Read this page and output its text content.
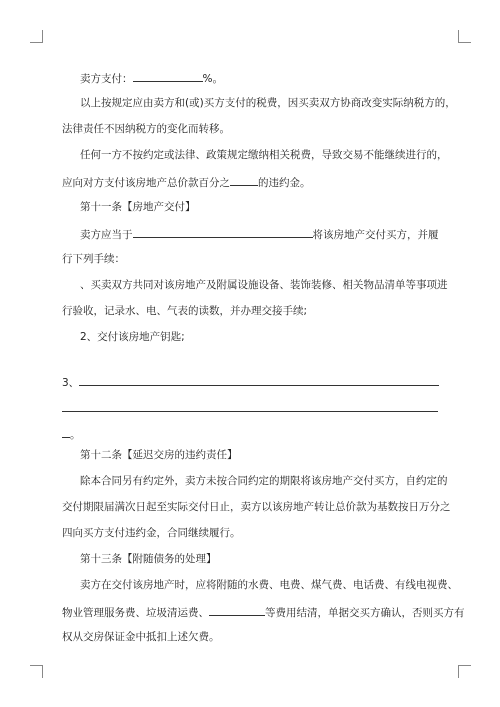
卖方支付：	%。
以上按规定应由卖方和(或)买方支付的税费，因买卖双方协商改变实际纳税方的，
法律责任不因纳税方的变化而转移。
任何一方不按约定或法律、政策规定缴纳相关税费，导致交易不能继续进行的，
应向对方支付该房地产总价款百分之	的违约金。
第十一条【房地产交付】
卖方应当于	将该房地产交付买方，并履
行下列手续：
、买卖双方共同对该房地产及附属设施设备、装饰装修、相关物品清单等事项进
行验收，记录水、电、气表的读数，并办理交接手续;
2、交付该房地产钥匙;
3、
。
第十二条【延迟交房的违约责任】
除本合同另有约定外，卖方未按合同约定的期限将该房地产交付买方，自约定的
交付期限届满次日起至实际交付日止，卖方以该房地产转让总价款为基数按日万分之
四向买方支付违约金，合同继续履行。
第十三条【附随债务的处理】
卖方在交付该房地产时，应将附随的水费、电费、煤气费、电话费、有线电视费、
物业管理服务费、垃圾清运费、	等费用结清，单据交买方确认，否则买方有
权从交房保证金中抵扣上述欠费。
